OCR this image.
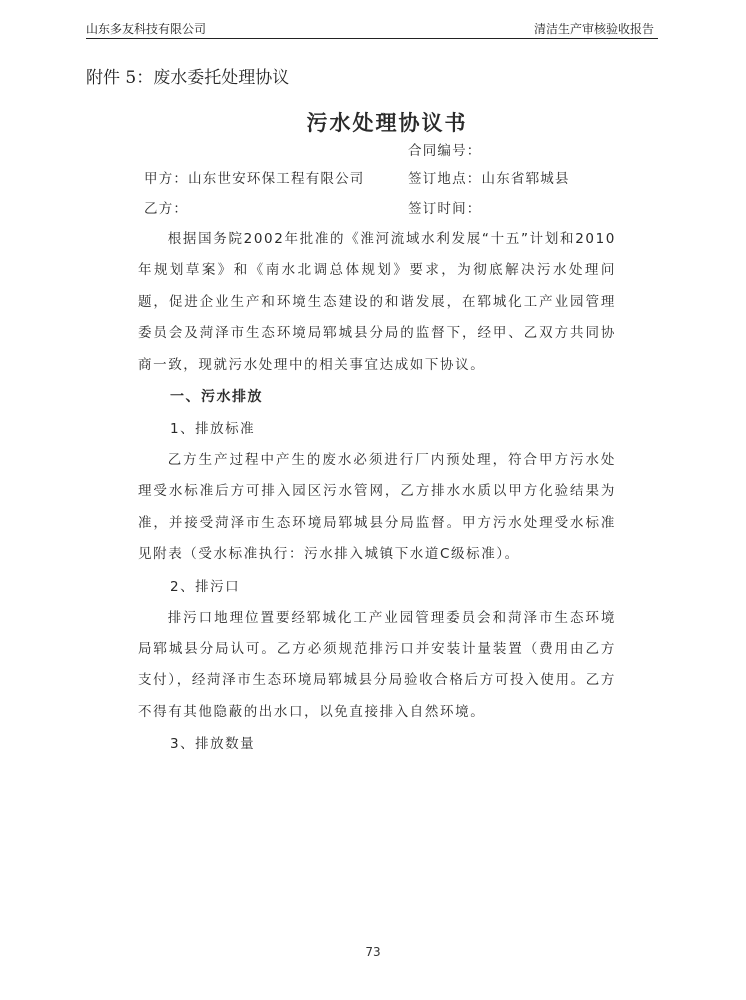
山东多友科技有限公司	清洁生产审核验收报告
附件 5：废水委托处理协议
污水处理协议书
合同编号：
甲方：山东世安环保工程有限公司	签订地点：山东省郓城县
乙方：	签订时间：
根据国务院2002年批准的《淮河流域水利发展“十五”计划和2010年规划草案》和《南水北调总体规划》要求，为彻底解决污水处理问题，促进企业生产和环境生态建设的和谐发展，在郓城化工产业园管理委员会及菏泽市生态环境局郓城县分局的监督下，经甲、乙双方共同协商一致，现就污水处理中的相关事宜达成如下协议。
一、污水排放
1、排放标准
乙方生产过程中产生的废水必须进行厂内预处理，符合甲方污水处理受水标准后方可排入园区污水管网，乙方排水水质以甲方化验结果为准，并接受菏泽市生态环境局郓城县分局监督。甲方污水处理受水标准见附表（受水标准执行：污水排入城镇下水道C级标准）。
2、排污口
排污口地理位置要经郓城化工产业园管理委员会和菏泽市生态环境局郓城县分局认可。乙方必须规范排污口并安装计量装置（费用由乙方支付），经菏泽市生态环境局郓城县分局验收合格后方可投入使用。乙方不得有其他隐蔽的出水口，以免直接排入自然环境。
3、排放数量
73
